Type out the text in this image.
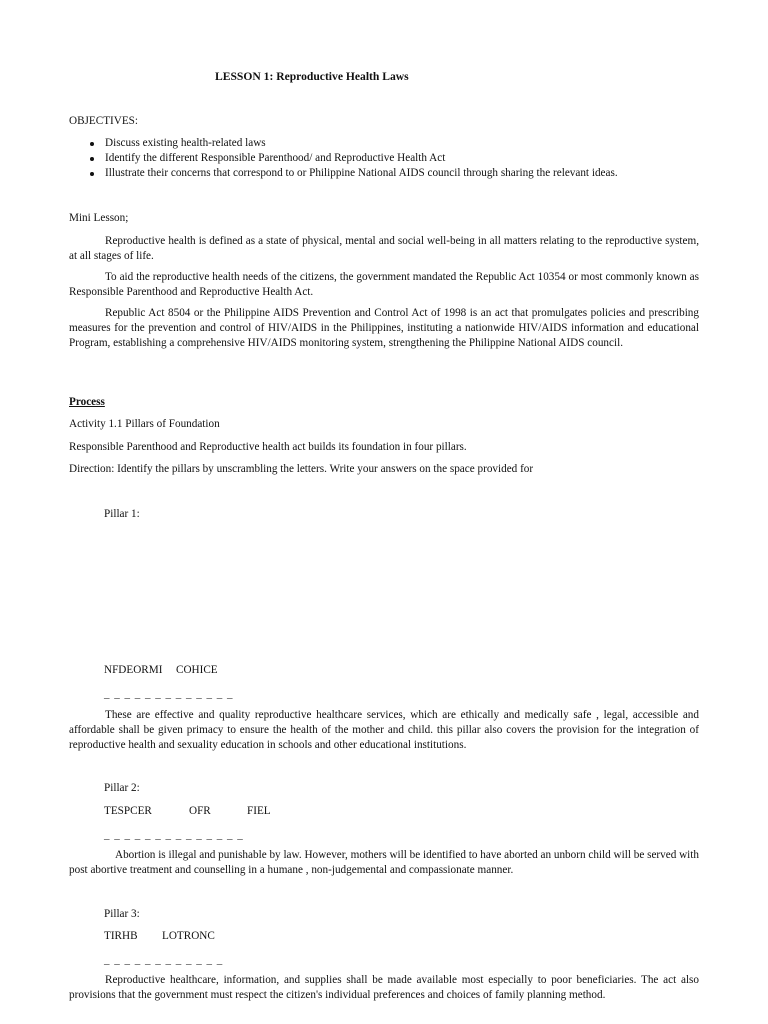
LESSON 1: Reproductive Health Laws
OBJECTIVES:
Discuss existing health-related laws
Identify the different Responsible Parenthood/ and Reproductive Health Act
Illustrate their concerns that correspond to or Philippine National AIDS council through sharing the relevant ideas.
Mini Lesson;
Reproductive health is defined as a state of physical, mental and social well-being in all matters relating to the reproductive system, at all stages of life.
To aid the reproductive health needs of the citizens, the government mandated the Republic Act 10354 or most commonly known as Responsible Parenthood and Reproductive Health Act.
Republic Act 8504 or the Philippine AIDS Prevention and Control Act of 1998 is an act that promulgates policies and prescribing measures for the prevention and control of HIV/AIDS in the Philippines, instituting a nationwide HIV/AIDS information and educational Program, establishing a comprehensive HIV/AIDS monitoring system, strengthening the Philippine National AIDS council.
Process
Activity 1.1 Pillars of Foundation
Responsible Parenthood and Reproductive health act builds its foundation in four pillars.
Direction: Identify the pillars by unscrambling the letters. Write your answers on the space provided for
Pillar 1:
NFDEORMI COHICE
_ _ _ _ _ _ _ _ _ _ _ _ _
These are effective and quality reproductive healthcare services, which are ethically and medically safe , legal, accessible and affordable shall be given primacy to ensure the health of the mother and child. this pillar also covers the provision for the integration of reproductive health and sexuality education in schools and other educational institutions.
Pillar 2:
TESPCER	OFR	FIEL
_ _ _ _ _ _ _ _ _ _ _ _ _ _
Abortion is illegal and punishable by law. However, mothers will be identified to have aborted an unborn child will be served with post abortive treatment and counselling in a humane , non-judgemental and compassionate manner.
Pillar 3:
TIRHB LOTRONC
_ _ _ _ _ _ _ _ _ _ _ _
Reproductive healthcare, information, and supplies shall be made available most especially to poor beneficiaries. The act also provisions that the government must respect the citizen's individual preferences and choices of family planning method.
